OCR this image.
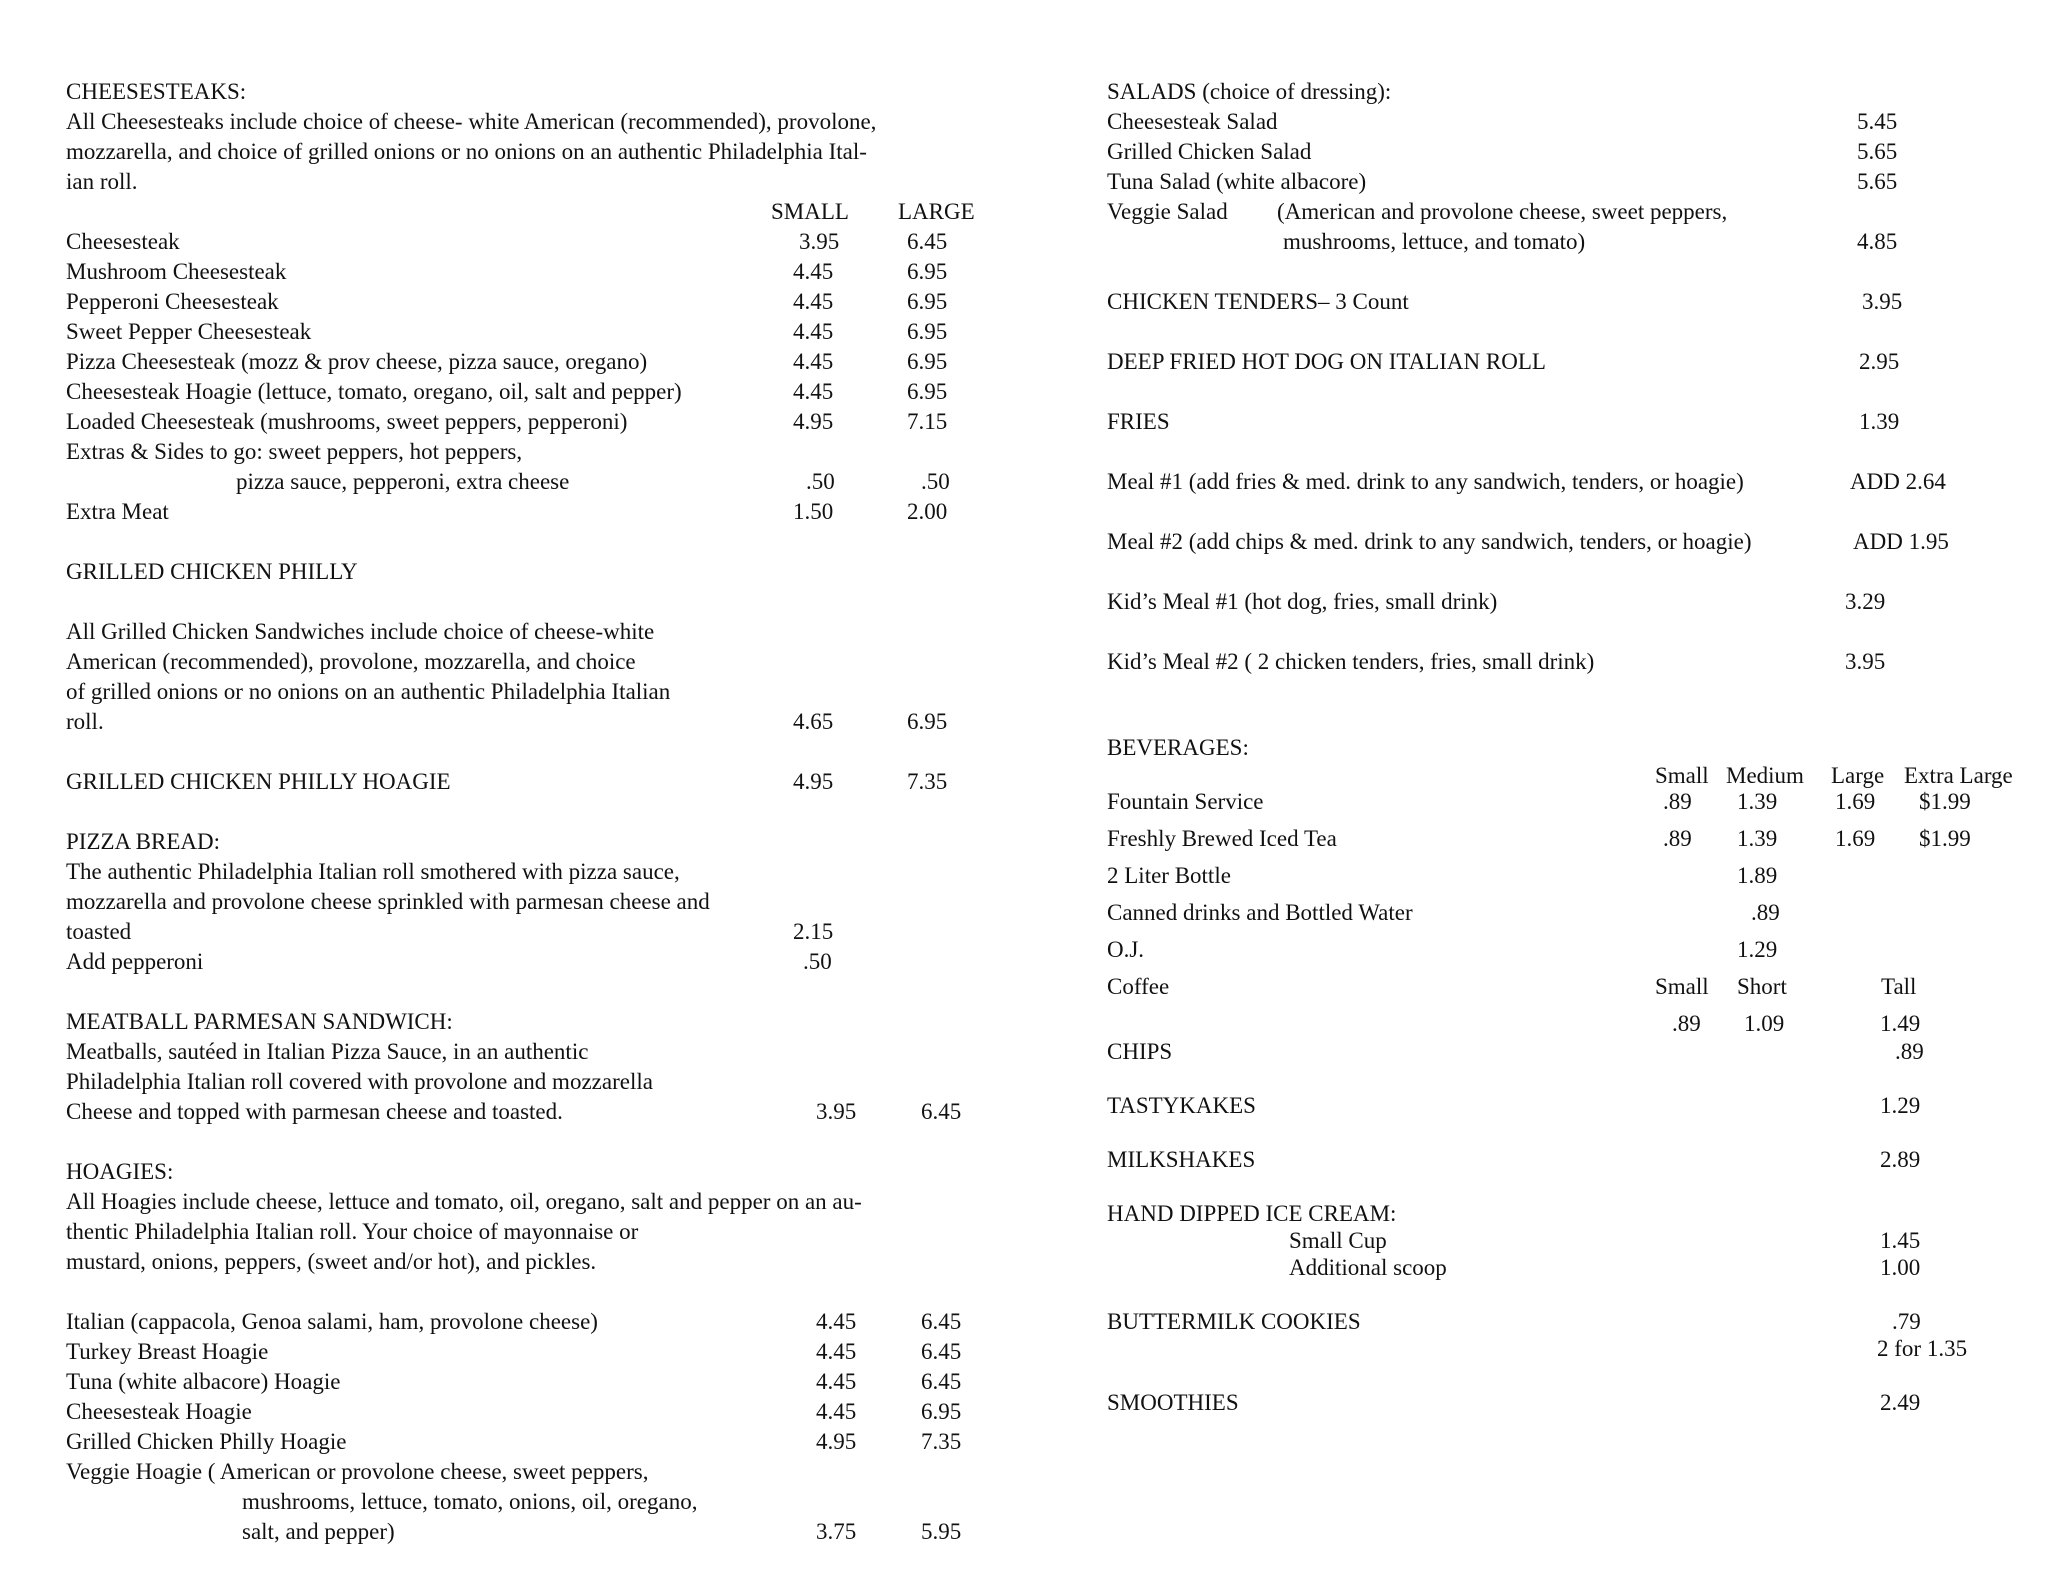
CHEESESTEAKS:
All Cheesesteaks include choice of cheese- white American (recommended), provolone,
mozzarella, and choice of grilled onions or no onions on an authentic Philadelphia Ital-
ian roll.
SMALL LARGE
Cheesesteak	3.95	6.45
Mushroom Cheesesteak	4.45	6.95
Pepperoni Cheesesteak	4.45	6.95
Sweet Pepper Cheesesteak	4.45	6.95
Pizza Cheesesteak (mozz & prov cheese, pizza sauce, oregano)	4.45	6.95
Cheesesteak Hoagie (lettuce, tomato, oregano, oil, salt and pepper)	4.45	6.95
Loaded Cheesesteak (mushrooms, sweet peppers, pepperoni)	4.95	7.15
Extras & Sides to go: sweet peppers, hot peppers,
pizza sauce, pepperoni, extra cheese	.50	.50
Extra Meat	1.50	2.00
GRILLED CHICKEN PHILLY
All Grilled Chicken Sandwiches include choice of cheese-white
American (recommended), provolone, mozzarella, and choice
of grilled onions or no onions on an authentic Philadelphia Italian
roll.	4.65	6.95
GRILLED CHICKEN PHILLY HOAGIE	4.95	7.35
PIZZA BREAD:
The authentic Philadelphia Italian roll smothered with pizza sauce,
mozzarella and provolone cheese sprinkled with parmesan cheese and
toasted	2.15
Add pepperoni	.50
MEATBALL PARMESAN SANDWICH:
Meatballs, sautéed in Italian Pizza Sauce, in an authentic
Philadelphia Italian roll covered with provolone and mozzarella
Cheese and topped with parmesan cheese and toasted.	3.95	6.45
HOAGIES:
All Hoagies include cheese, lettuce and tomato, oil, oregano, salt and pepper on an au-
thentic Philadelphia Italian roll. Your choice of mayonnaise or
mustard, onions, peppers, (sweet and/or hot), and pickles.
Italian (cappacola, Genoa salami, ham, provolone cheese)	4.45	6.45
Turkey Breast Hoagie	4.45	6.45
Tuna (white albacore) Hoagie	4.45	6.45
Cheesesteak Hoagie	4.45	6.95
Grilled Chicken Philly Hoagie	4.95	7.35
Veggie Hoagie ( American or provolone cheese, sweet peppers,
mushrooms, lettuce, tomato, onions, oil, oregano,
salt, and pepper)	3.75	5.95
SALADS (choice of dressing):
Cheesesteak Salad	5.45
Grilled Chicken Salad	5.65
Tuna Salad (white albacore)	5.65
Veggie Salad (American and provolone cheese, sweet peppers,
mushrooms, lettuce, and tomato)	4.85
CHICKEN TENDERS– 3 Count	3.95
DEEP FRIED HOT DOG ON ITALIAN ROLL	2.95
FRIES	1.39
Meal #1 (add fries & med. drink to any sandwich, tenders, or hoagie)	ADD 2.64
Meal #2 (add chips & med. drink to any sandwich, tenders, or hoagie)	ADD 1.95
Kid’s Meal #1 (hot dog, fries, small drink)	3.29
Kid’s Meal #2 ( 2 chicken tenders, fries, small drink)	3.95
BEVERAGES:
Small Medium Large Extra Large
Fountain Service	.89 1.39	1.69 $1.99
Freshly Brewed Iced Tea	.89 1.39	1.69 $1.99
2 Liter Bottle	1.89
Canned drinks and Bottled Water	.89
O.J.	1.29
Coffee	Small Short	Tall
.89 1.09	1.49
CHIPS	.89
TASTYKAKES	1.29
MILKSHAKES	2.89
HAND DIPPED ICE CREAM:
Small Cup	1.45
Additional scoop	1.00
BUTTERMILK COOKIES	.79
2 for 1.35
SMOOTHIES	2.49
